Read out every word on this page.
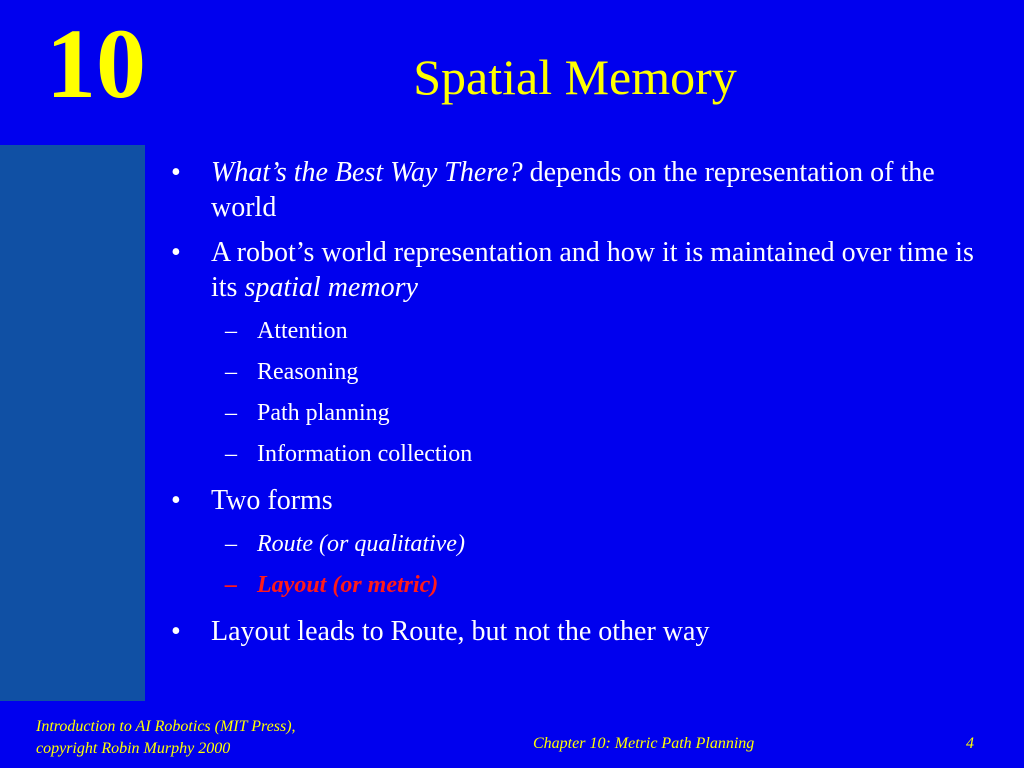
10	Spatial Memory
• What’s the Best Way There? depends on the representation of the world
• A robot’s world representation and how it is maintained over time is its spatial memory
– Attention
– Reasoning
– Path planning
– Information collection
• Two forms
– Route (or qualitative)
– Layout (or metric)
• Layout leads to Route, but not the other way
Introduction to AI Robotics (MIT Press),
copyright Robin Murphy 2000	Chapter 10: Metric Path Planning	4
